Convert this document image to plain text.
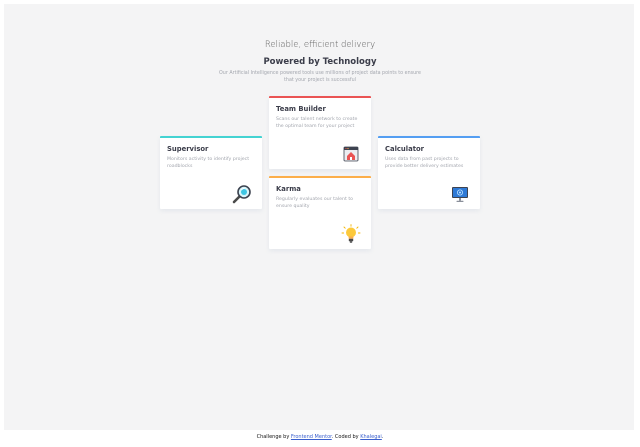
Reliable, efficient delivery
Powered by Technology
Our Artificial Intelligence powered tools use millions of project data points to ensure that your project is successful
Supervisor
Monitors activity to identify project roadblocks
Team Builder
Scans our talent network to create the optimal team for your project
Karma
Regularly evaluates our talent to ensure quality
Calculator
Uses data from past projects to provide better delivery estimates
Challenge by Frontend Mentor. Coded by Khalegai.
